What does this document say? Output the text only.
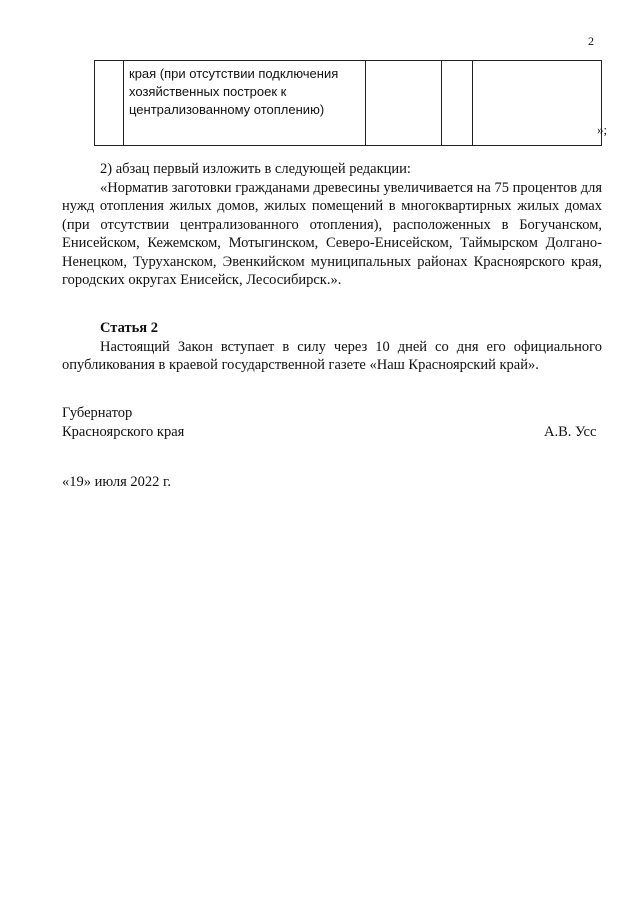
2

края (при отсутствии подключения
хозяйственных построек к
централизованному отоплению)

»;

2) абзац первый изложить в следующей редакции:

«Норматив заготовки гражданами древесины увеличивается на 75 процентов для нужд отопления жилых домов, жилых помещений в многоквартирных жилых домах (при отсутствии централизованного отопления), расположенных в Богучанском, Енисейском, Кежемском, Мотыгинском, Северо-Енисейском, Таймырском Долгано-Ненецком, Туруханском, Эвенкийском муниципальных районах Красноярского края, городских округах Енисейск, Лесосибирск.».

Статья 2

Настоящий Закон вступает в силу через 10 дней со дня его официального опубликования в краевой государственной газете «Наш Красноярский край».

Губернатор
Красноярского края	А.В. Усс
«19» июля 2022 г.
